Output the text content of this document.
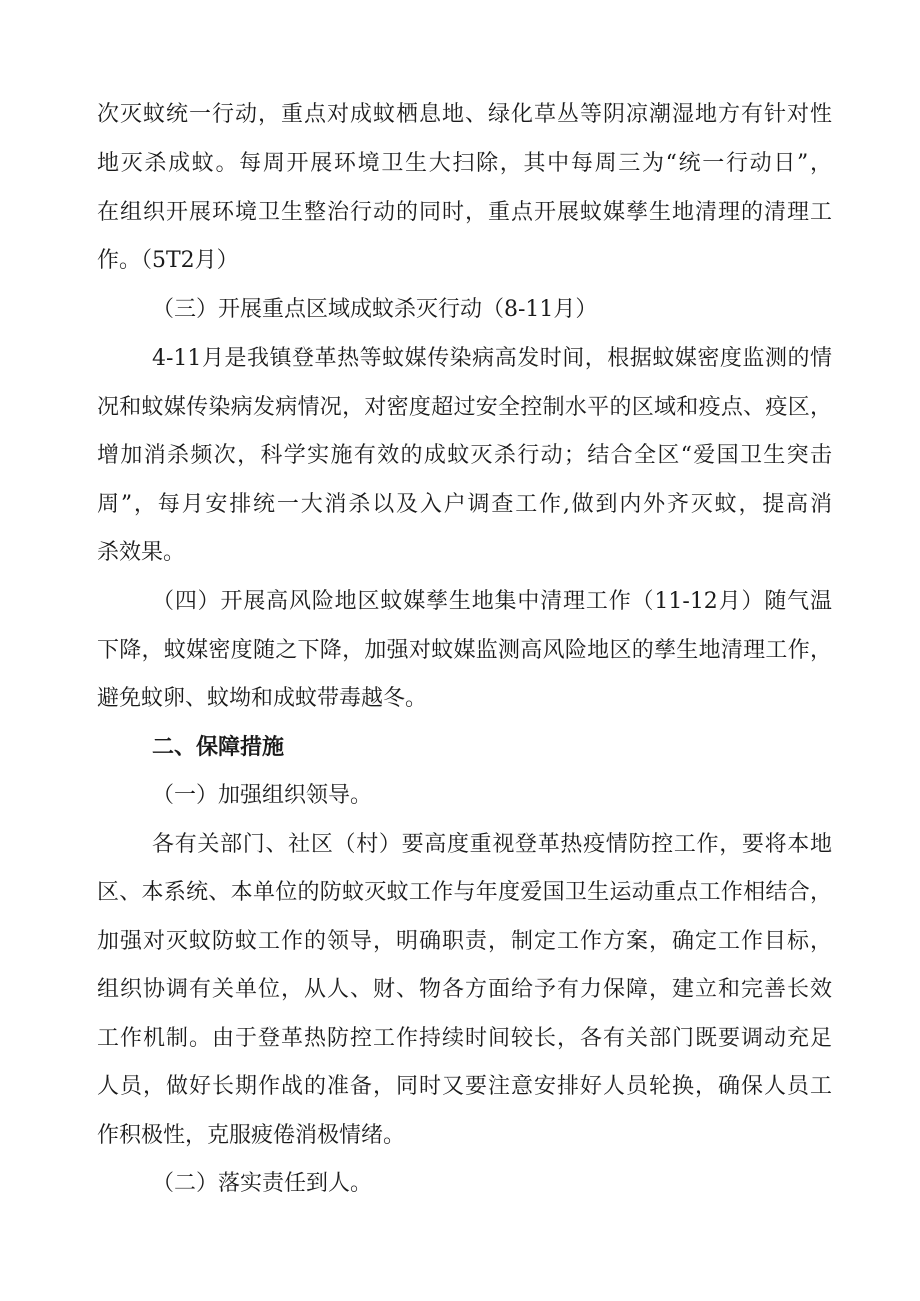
次灭蚊统一行动，重点对成蚊栖息地、绿化草丛等阴凉潮湿地方有针对性
地灭杀成蚊。每周开展环境卫生大扫除，其中每周三为“统一行动日”，
在组织开展环境卫生整治行动的同时，重点开展蚊媒孳生地清理的清理工
作。（5T2月）
（三）开展重点区域成蚊杀灭行动（8-11月）
4-11月是我镇登革热等蚊媒传染病高发时间，根据蚊媒密度监测的情
况和蚊媒传染病发病情况，对密度超过安全控制水平的区域和疫点、疫区，
增加消杀频次，科学实施有效的成蚊灭杀行动；结合全区“爱国卫生突击
周”，每月安排统一大消杀以及入户调查工作,做到内外齐灭蚊，提高消
杀效果。
（四）开展高风险地区蚊媒孳生地集中清理工作（11-12月）随气温
下降，蚊媒密度随之下降，加强对蚊媒监测高风险地区的孳生地清理工作，
避免蚊卵、蚊坳和成蚊带毒越冬。
二、保障措施
（一）加强组织领导。
各有关部门、社区（村）要高度重视登革热疫情防控工作，要将本地
区、本系统、本单位的防蚊灭蚊工作与年度爱国卫生运动重点工作相结合，
加强对灭蚊防蚊工作的领导，明确职责，制定工作方案，确定工作目标，
组织协调有关单位，从人、财、物各方面给予有力保障，建立和完善长效
工作机制。由于登革热防控工作持续时间较长，各有关部门既要调动充足
人员，做好长期作战的准备，同时又要注意安排好人员轮换，确保人员工
作积极性，克服疲倦消极情绪。
（二）落实责任到人。
